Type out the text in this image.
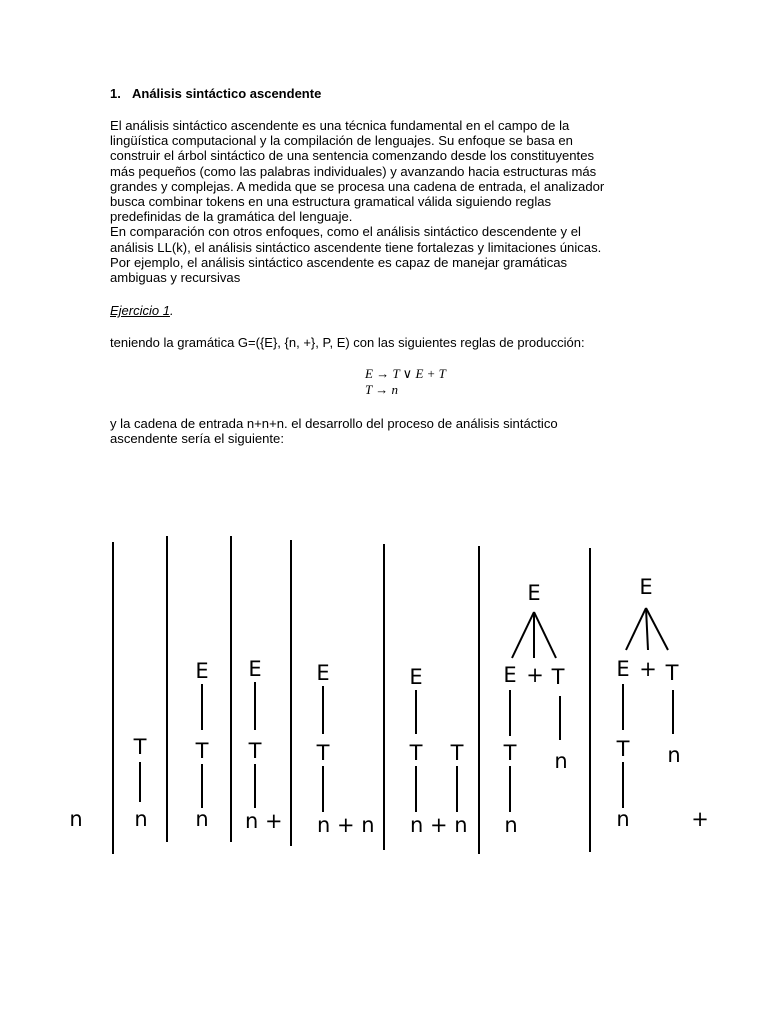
1. Análisis sintáctico ascendente
El análisis sintáctico ascendente es una técnica fundamental en el campo de la
lingüística computacional y la compilación de lenguajes. Su enfoque se basa en
construir el árbol sintáctico de una sentencia comenzando desde los constituyentes
más pequeños (como las palabras individuales) y avanzando hacia estructuras más
grandes y complejas. A medida que se procesa una cadena de entrada, el analizador
busca combinar tokens en una estructura gramatical válida siguiendo reglas
predefinidas de la gramática del lenguaje.
En comparación con otros enfoques, como el análisis sintáctico descendente y el
análisis LL(k), el análisis sintáctico ascendente tiene fortalezas y limitaciones únicas.
Por ejemplo, el análisis sintáctico ascendente es capaz de manejar gramáticas
ambiguas y recursivas
Ejercicio 1.
teniendo la gramática G=({E}, {n, +}, P, E) con las siguientes reglas de producción:
E → T ∨ E + T
T → n
y la cadena de entrada n+n+n. el desarrollo del proceso de análisis sintáctico
ascendente sería el siguiente:
n
T
n
E
T
n
E
T
n +
E
T
n + n
E
T T
n + n
E
E + T
T n
n
E
E + T
T n
n	+
